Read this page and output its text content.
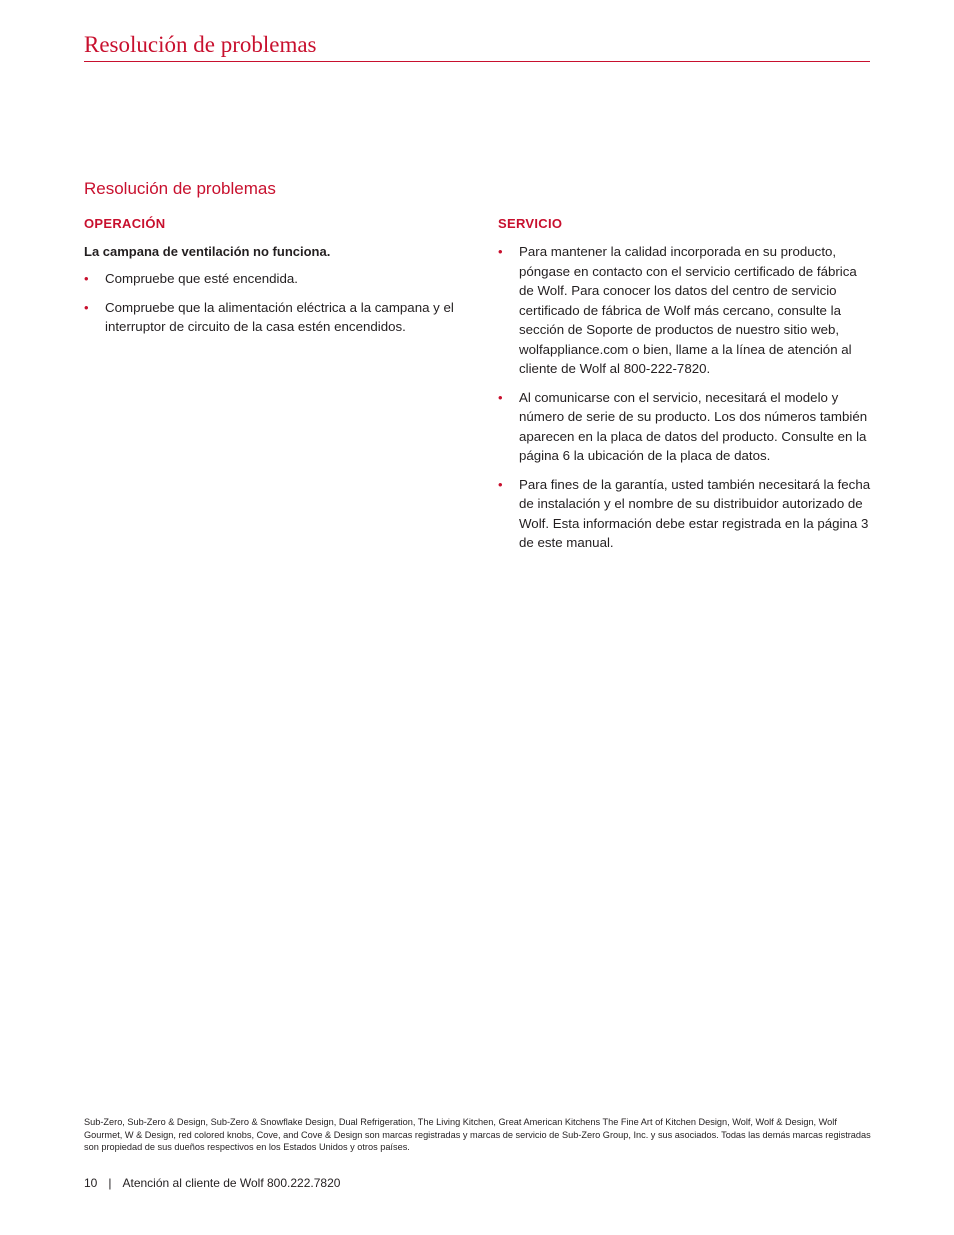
Resolución de problemas
Resolución de problemas
OPERACIÓN

La campana de ventilación no funciona.

• Compruebe que esté encendida.
• Compruebe que la alimentación eléctrica a la campana y el interruptor de circuito de la casa estén encendidos.
SERVICIO
• Para mantener la calidad incorporada en su producto, póngase en contacto con el servicio certificado de fábrica de Wolf. Para conocer los datos del centro de servicio certificado de fábrica de Wolf más cercano, consulte la sección de Soporte de productos de nuestro sitio web, wolfappliance.com o bien, llame a la línea de atención al cliente de Wolf al 800-222-7820.
• Al comunicarse con el servicio, necesitará el modelo y número de serie de su producto. Los dos números también aparecen en la placa de datos del producto. Consulte en la página 6 la ubicación de la placa de datos.
• Para fines de la garantía, usted también necesitará la fecha de instalación y el nombre de su distribuidor autorizado de Wolf. Esta información debe estar registrada en la página 3 de este manual.

Sub-Zero, Sub-Zero & Design, Sub-Zero & Snowflake Design, Dual Refrigeration, The Living Kitchen, Great American Kitchens The Fine Art of Kitchen Design, Wolf, Wolf & Design, Wolf Gourmet, W & Design, red colored knobs, Cove, and Cove & Design son marcas registradas y marcas de servicio de Sub-Zero Group, Inc. y sus asociados. Todas las demás marcas registradas son propiedad de sus dueños respectivos en los Estados Unidos y otros países.

10 | Atención al cliente de Wolf 800.222.7820
